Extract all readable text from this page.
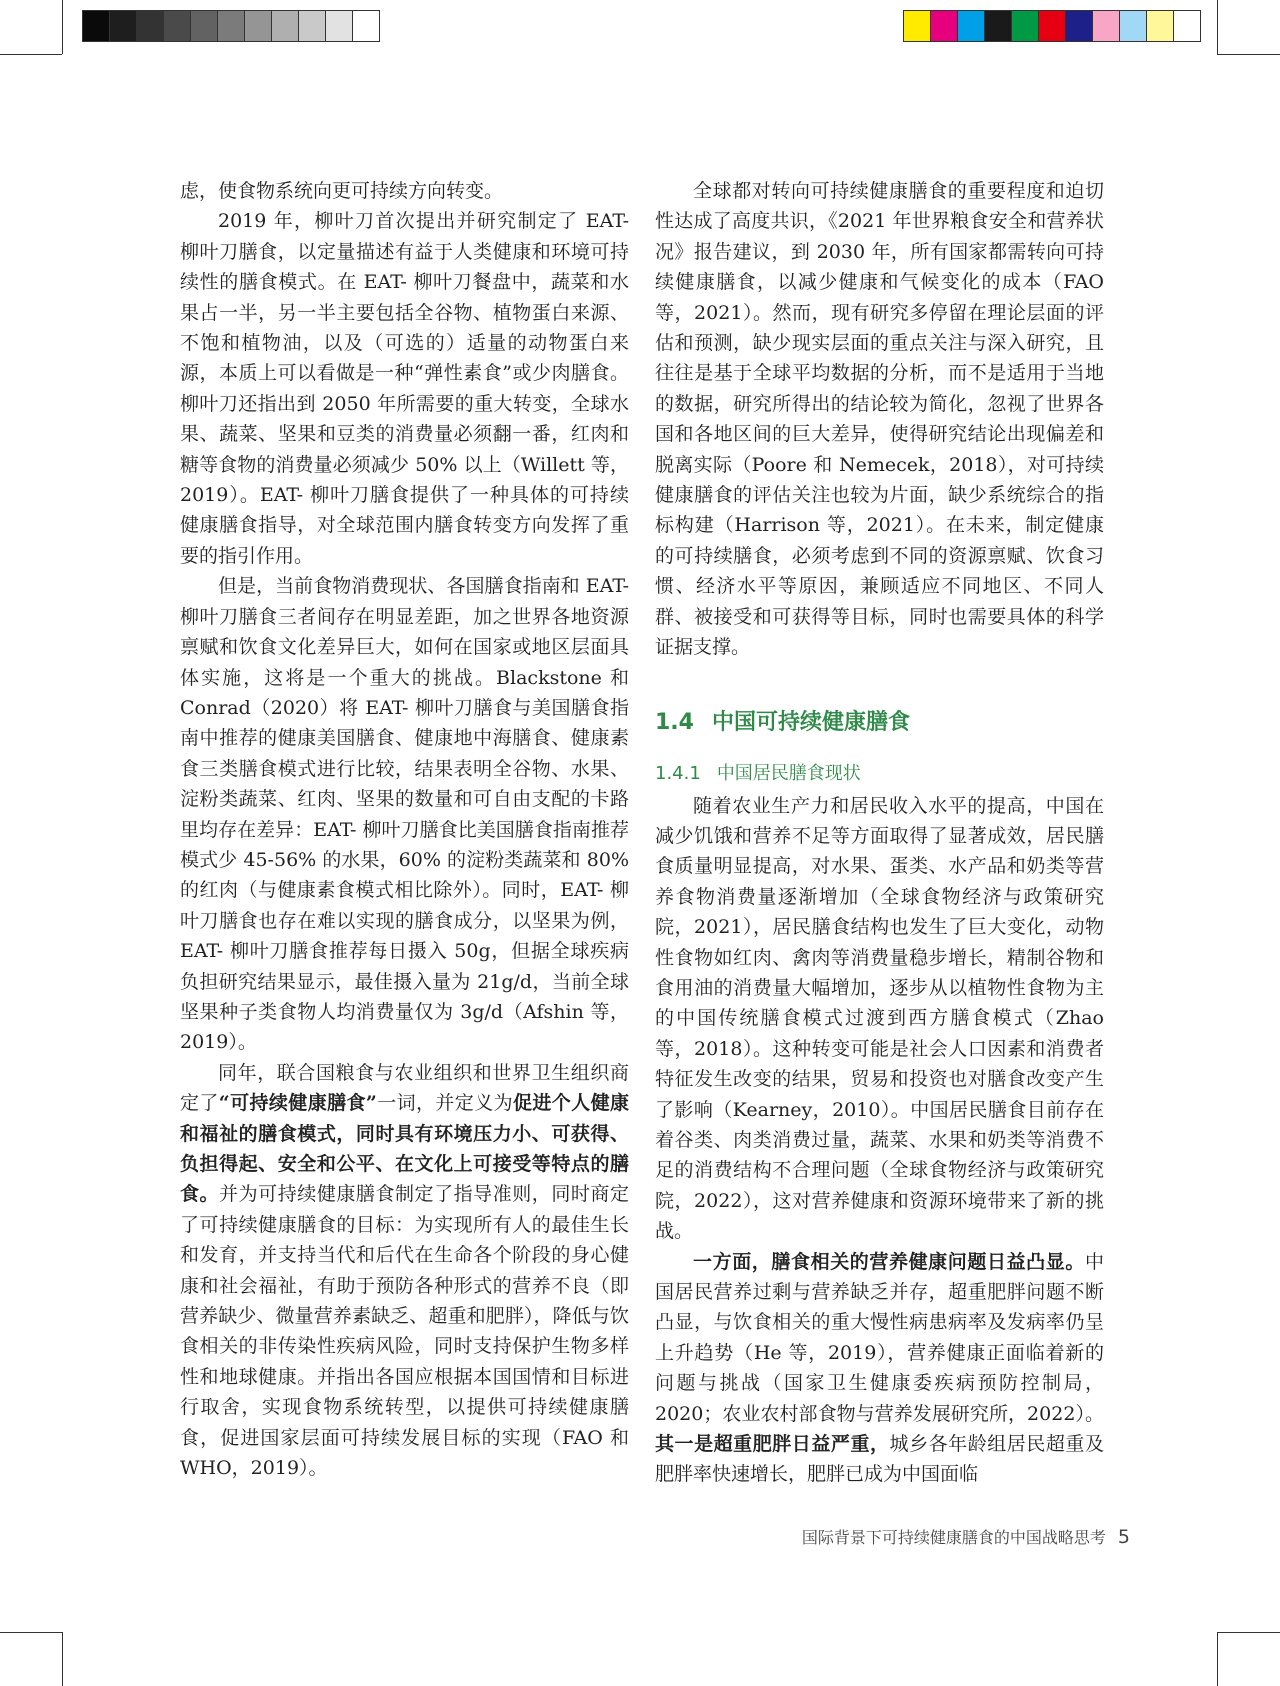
虑，使食物系统向更可持续方向转变。

2019 年，柳叶刀首次提出并研究制定了 EAT- 柳叶刀膳食，以定量描述有益于人类健康和环境可持续性的膳食模式。在 EAT- 柳叶刀餐盘中，蔬菜和水果占一半，另一半主要包括全谷物、植物蛋白来源、不饱和植物油，以及（可选的）适量的动物蛋白来源，本质上可以看做是一种“弹性素食”或少肉膳食。柳叶刀还指出到 2050 年所需要的重大转变，全球水果、蔬菜、坚果和豆类的消费量必须翻一番，红肉和糖等食物的消费量必须减少 50% 以上（Willett 等，2019）。EAT- 柳叶刀膳食提供了一种具体的可持续健康膳食指导，对全球范围内膳食转变方向发挥了重要的指引作用。

但是，当前食物消费现状、各国膳食指南和 EAT- 柳叶刀膳食三者间存在明显差距，加之世界各地资源禀赋和饮食文化差异巨大，如何在国家或地区层面具体实施，这将是一个重大的挑战。Blackstone 和 Conrad（2020）将 EAT- 柳叶刀膳食与美国膳食指南中推荐的健康美国膳食、健康地中海膳食、健康素食三类膳食模式进行比较，结果表明全谷物、水果、淀粉类蔬菜、红肉、坚果的数量和可自由支配的卡路里均存在差异：EAT- 柳叶刀膳食比美国膳食指南推荐模式少 45-56% 的水果，60% 的淀粉类蔬菜和 80% 的红肉（与健康素食模式相比除外）。同时，EAT- 柳叶刀膳食也存在难以实现的膳食成分，以坚果为例，EAT- 柳叶刀膳食推荐每日摄入 50g，但据全球疾病负担研究结果显示，最佳摄入量为 21g/d，当前全球坚果种子类食物人均消费量仅为 3g/d（Afshin 等，2019）。

同年，联合国粮食与农业组织和世界卫生组织商定了“可持续健康膳食”一词，并定义为促进个人健康和福祉的膳食模式，同时具有环境压力小、可获得、负担得起、安全和公平、在文化上可接受等特点的膳食。并为可持续健康膳食制定了指导准则，同时商定了可持续健康膳食的目标：为实现所有人的最佳生长和发育，并支持当代和后代在生命各个阶段的身心健康和社会福祉，有助于预防各种形式的营养不良（即营养缺少、微量营养素缺乏、超重和肥胖），降低与饮食相关的非传染性疾病风险，同时支持保护生物多样性和地球健康。并指出各国应根据本国国情和目标进行取舍，实现食物系统转型，以提供可持续健康膳食，促进国家层面可持续发展目标的实现（FAO 和 WHO，2019）。

全球都对转向可持续健康膳食的重要程度和迫切性达成了高度共识，《2021 年世界粮食安全和营养状况》报告建议，到 2030 年，所有国家都需转向可持续健康膳食，以减少健康和气候变化的成本（FAO 等，2021）。然而，现有研究多停留在理论层面的评估和预测，缺少现实层面的重点关注与深入研究，且往往是基于全球平均数据的分析，而不是适用于当地的数据，研究所得出的结论较为简化，忽视了世界各国和各地区间的巨大差异，使得研究结论出现偏差和脱离实际（Poore 和 Nemecek，2018），对可持续健康膳食的评估关注也较为片面，缺少系统综合的指标构建（Harrison 等，2021）。在未来，制定健康的可持续膳食，必须考虑到不同的资源禀赋、饮食习惯、经济水平等原因，兼顾适应不同地区、不同人群、被接受和可获得等目标，同时也需要具体的科学证据支撑。

1.4 中国可持续健康膳食
1.4.1 中国居民膳食现状

随着农业生产力和居民收入水平的提高，中国在减少饥饿和营养不足等方面取得了显著成效，居民膳食质量明显提高，对水果、蛋类、水产品和奶类等营养食物消费量逐渐增加（全球食物经济与政策研究院，2021），居民膳食结构也发生了巨大变化，动物性食物如红肉、禽肉等消费量稳步增长，精制谷物和食用油的消费量大幅增加，逐步从以植物性食物为主的中国传统膳食模式过渡到西方膳食模式（Zhao 等，2018）。这种转变可能是社会人口因素和消费者特征发生改变的结果，贸易和投资也对膳食改变产生了影响（Kearney，2010）。中国居民膳食目前存在着谷类、肉类消费过量，蔬菜、水果和奶类等消费不足的消费结构不合理问题（全球食物经济与政策研究院，2022），这对营养健康和资源环境带来了新的挑战。

一方面，膳食相关的营养健康问题日益凸显。中国居民营养过剩与营养缺乏并存，超重肥胖问题不断凸显，与饮食相关的重大慢性病患病率及发病率仍呈上升趋势（He 等，2019），营养健康正面临着新的问题与挑战（国家卫生健康委疾病预防控制局，2020；农业农村部食物与营养发展研究所，2022）。其一是超重肥胖日益严重，城乡各年龄组居民超重及肥胖率快速增长，肥胖已成为中国面临

国际背景下可持续健康膳食的中国战略思考 5
